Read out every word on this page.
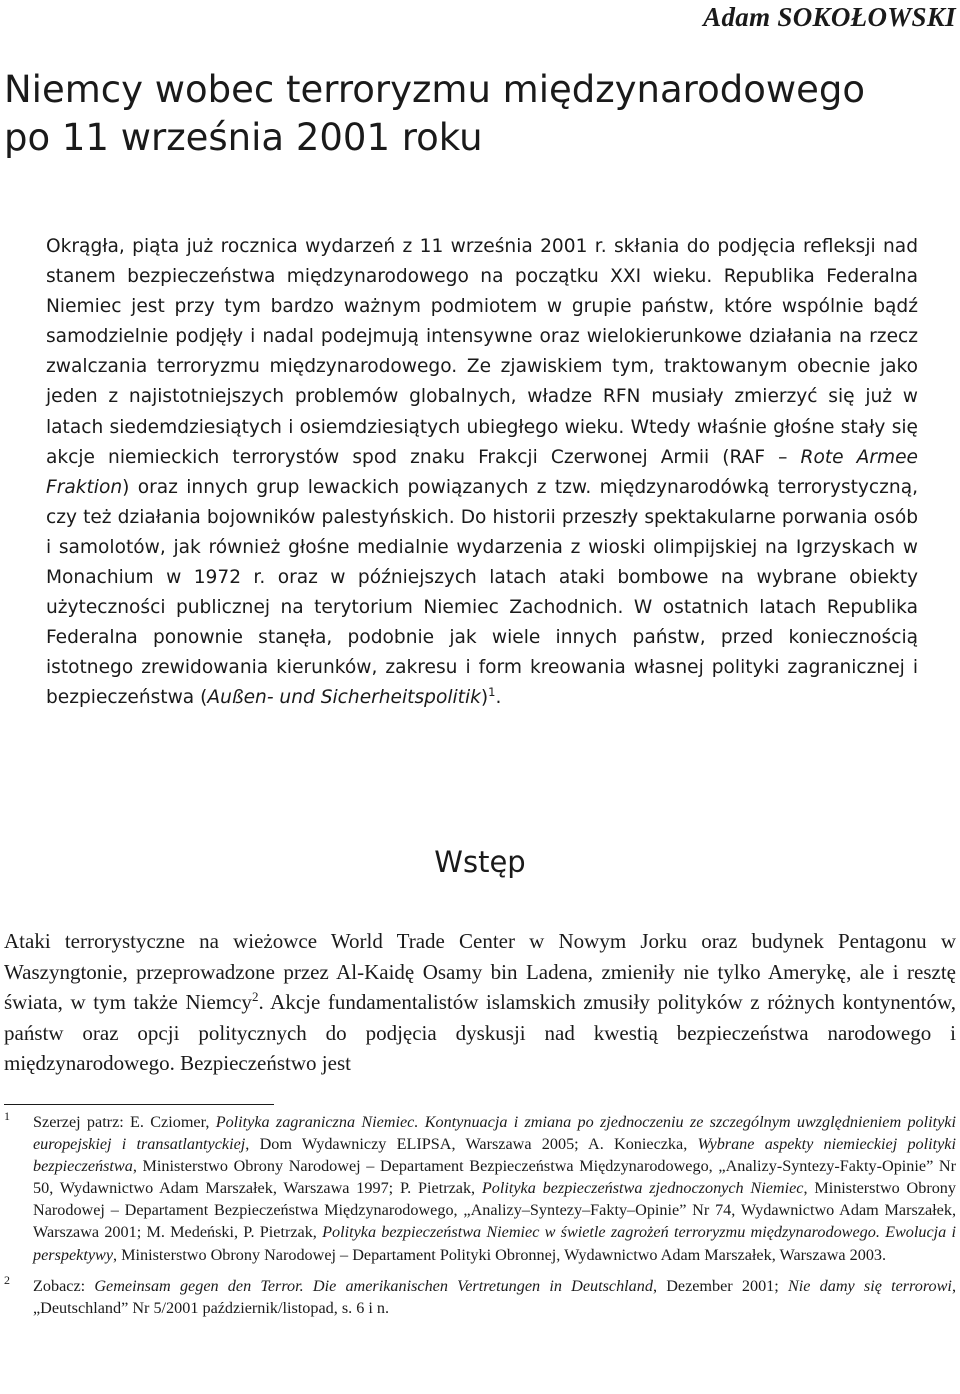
Adam SOKOŁOWSKI
Niemcy wobec terroryzmu międzynarodowego
po 11 września 2001 roku

Okrągła, piąta już rocznica wydarzeń z 11 września 2001 r. skłania do podjęcia refleksji nad stanem bezpieczeństwa międzynarodowego na początku XXI wieku. Republika Federalna Niemiec jest przy tym bardzo ważnym podmiotem w grupie państw, które wspólnie bądź samodzielnie podjęły i nadal podejmują intensywne oraz wielokierunkowe działania na rzecz zwalczania terroryzmu międzynarodowego. Ze zjawiskiem tym, traktowanym obecnie jako jeden z najistotniejszych problemów globalnych, władze RFN musiały zmierzyć się już w latach siedemdziesiątych i osiemdziesiątych ubiegłego wieku. Wtedy właśnie głośne stały się akcje niemieckich terrorystów spod znaku Frakcji Czerwonej Armii (RAF – Rote Armee Fraktion) oraz innych grup lewackich powiązanych z tzw. międzynarodówką terrorystyczną, czy też działania bojowników palestyńskich. Do historii przeszły spektakularne porwania osób i samolotów, jak również głośne medialnie wydarzenia z wioski olimpijskiej na Igrzyskach w Monachium w 1972 r. oraz w późniejszych latach ataki bombowe na wybrane obiekty użyteczności publicznej na terytorium Niemiec Zachodnich. W ostatnich latach Republika Federalna ponownie stanęła, podobnie jak wiele innych państw, przed koniecznością istotnego zrewidowania kierunków, zakresu i form kreowania własnej polityki zagranicznej i bezpieczeństwa (Außen- und Sicherheitspolitik)$^1$.

Wstęp

Ataki terrorystyczne na wieżowce World Trade Center w Nowym Jorku oraz budynek Pentagonu w Waszyngtonie, przeprowadzone przez Al-Kaidę Osamy bin Ladena, zmieniły nie tylko Amerykę, ale i resztę świata, w tym także Niemcy$^2$. Akcje fundamentalistów islamskich zmusiły polityków z różnych kontynentów, państw oraz opcji politycznych do podjęcia dyskusji nad kwestią bezpieczeństwa narodowego i międzynarodowego. Bezpieczeństwo jest

1 Szerzej patrz: E. Cziomer, Polityka zagraniczna Niemiec. Kontynuacja i zmiana po zjednoczeniu ze szczególnym uwzględnieniem polityki europejskiej i transatlantyckiej, Dom Wydawniczy ELIPSA, Warszawa 2005; A. Konieczka, Wybrane aspekty niemieckiej polityki bezpieczeństwa, Ministerstwo Obrony Narodowej – Departament Bezpieczeństwa Międzynarodowego, „Analizy-Syntezy-Fakty-Opinie” Nr 50, Wydawnictwo Adam Marszałek, Warszawa 1997; P. Pietrzak, Polityka bezpieczeństwa zjednoczonych Niemiec, Ministerstwo Obrony Narodowej – Departament Bezpieczeństwa Międzynarodowego, „Analizy–Syntezy–Fakty–Opinie” Nr 74, Wydawnictwo Adam Marszałek, Warszawa 2001; M. Medeński, P. Pietrzak, Polityka bezpieczeństwa Niemiec w świetle zagrożeń terroryzmu międzynarodowego. Ewolucja i perspektywy, Ministerstwo Obrony Narodowej – Departament Polityki Obronnej, Wydawnictwo Adam Marszałek, Warszawa 2003.

2 Zobacz: Gemeinsam gegen den Terror. Die amerikanischen Vertretungen in Deutschland, Dezember 2001; Nie damy się terrorowi, „Deutschland” Nr 5/2001 październik/listopad, s. 6 i n.
